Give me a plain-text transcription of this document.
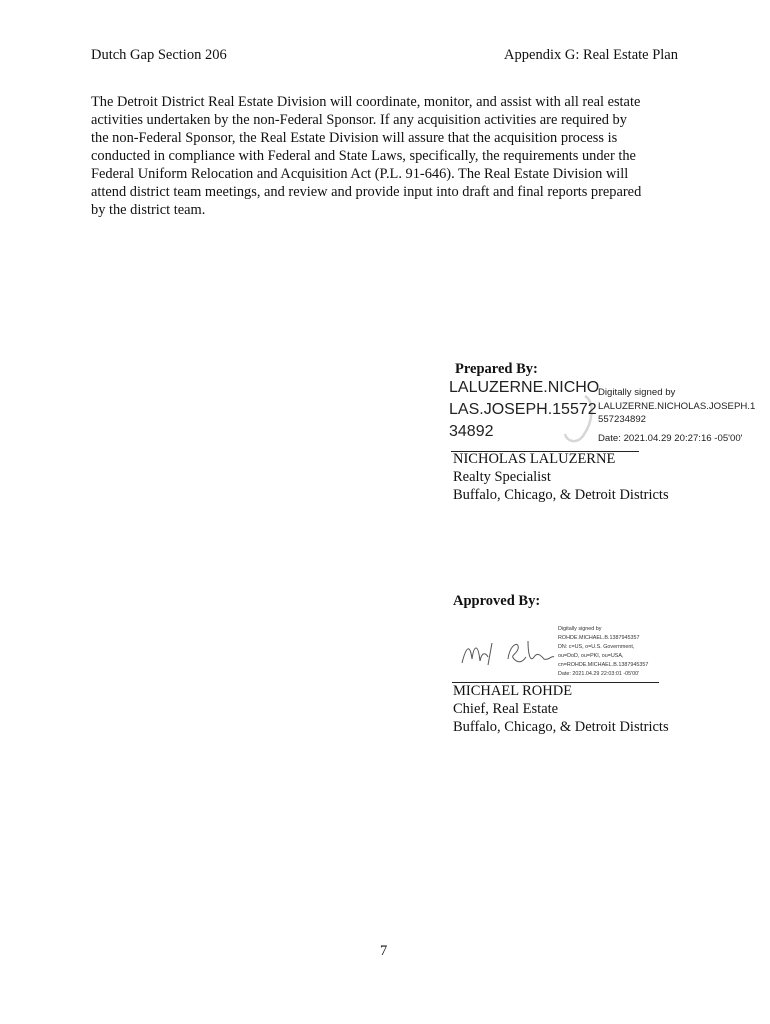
Dutch Gap Section 206	Appendix G: Real Estate Plan
The Detroit District Real Estate Division will coordinate, monitor, and assist with all real estate
activities undertaken by the non-Federal Sponsor. If any acquisition activities are required by
the non-Federal Sponsor, the Real Estate Division will assure that the acquisition process is
conducted in compliance with Federal and State Laws, specifically, the requirements under the
Federal Uniform Relocation and Acquisition Act (P.L. 91-646). The Real Estate Division will
attend district team meetings, and review and provide input into draft and final reports prepared
by the district team.
Prepared By:
LALUZERNE.NICHO
LAS.JOSEPH.15572
34892
Digitally signed by
LALUZERNE.NICHOLAS.JOSEPH.1
557234892
Date: 2021.04.29 20:27:16 -05'00'
NICHOLAS LALUZERNE
Realty Specialist
Buffalo, Chicago, & Detroit Districts
Approved By:
Digitally signed by
ROHDE.MICHAEL.B.1387945357
DN: c=US, o=U.S. Government,
ou=DoD, ou=PKI, ou=USA,
cn=ROHDE.MICHAEL.B.1387945357
Date: 2021.04.29 22:03:01 -05'00'
MICHAEL ROHDE
Chief, Real Estate
Buffalo, Chicago, & Detroit Districts
7
